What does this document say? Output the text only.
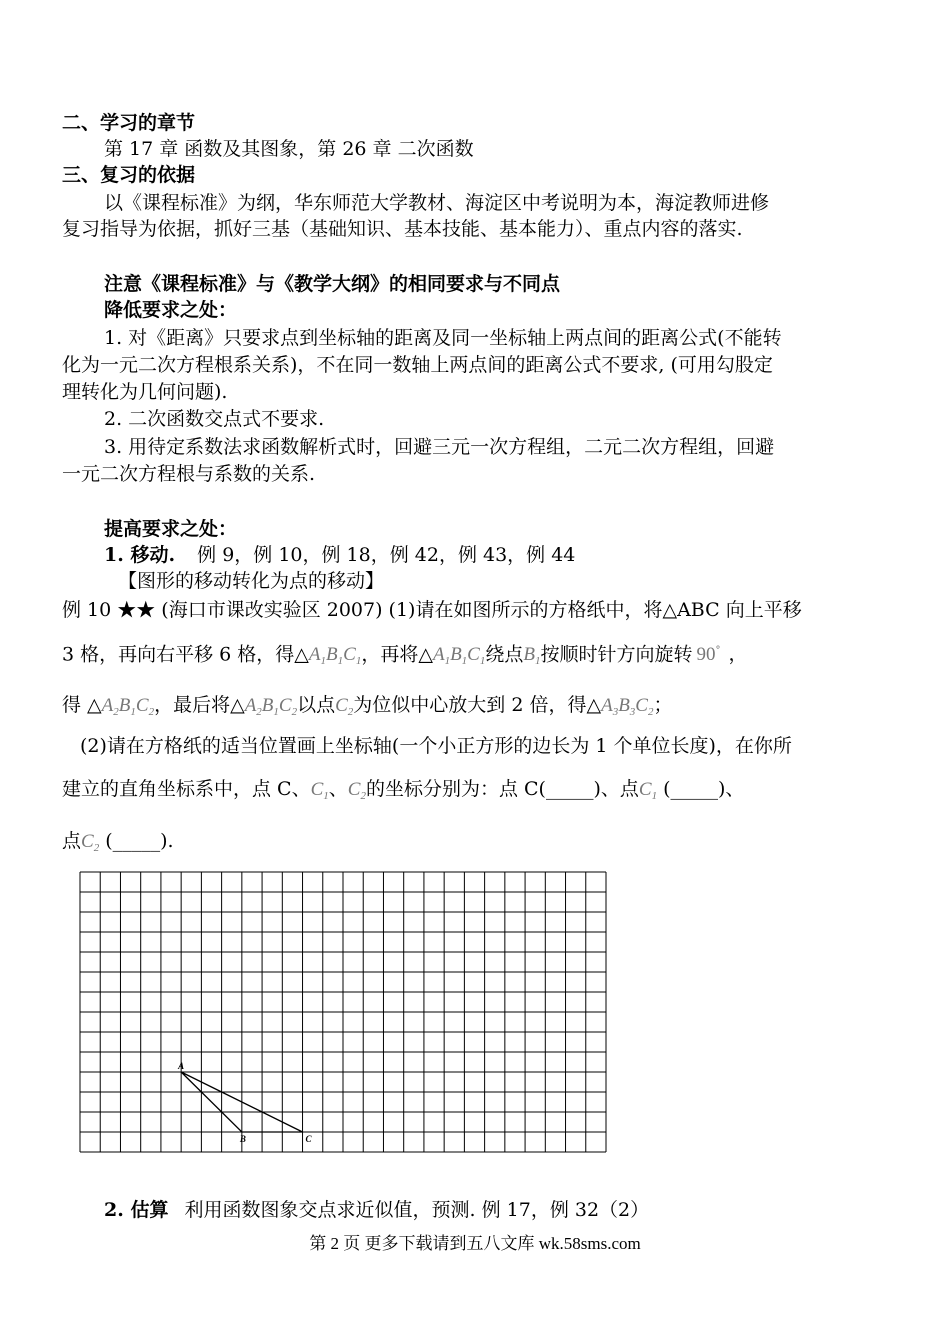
二、学习的章节
第 17 章 函数及其图象，第 26 章 二次函数
三、复习的依据
以《课程标准》为纲，华东师范大学教材、海淀区中考说明为本，海淀教师进修
复习指导为依据，抓好三基（基础知识、基本技能、基本能力）、重点内容的落实.
注意《课程标准》与《教学大纲》的相同要求与不同点
降低要求之处：
1. 对《距离》只要求点到坐标轴的距离及同一坐标轴上两点间的距离公式(不能转
化为一元二次方程根系关系)，不在同一数轴上两点间的距离公式不要求, (可用勾股定
理转化为几何问题).
2. 二次函数交点式不要求.
3. 用待定系数法求函数解析式时，回避三元一次方程组，二元二次方程组，回避
一元二次方程根与系数的关系.
提高要求之处：
1. 移动. 例 9，例 10，例 18，例 42，例 43，例 44
【图形的移动转化为点的移动】
例 10 ★★ (海口市课改实验区 2007) (1)请在如图所示的方格纸中，将△ABC 向上平移
3 格，再向右平移 6 格，得$\triangle A_1B_1C_1$，再将$\triangle A_1B_1C_1$绕点$B_1$按顺时针方向旋转 90° ，
得 $\triangle A_2B_1C_2$，最后将$\triangle A_2B_1C_2$以点$C_2$为位似中心放大到 2 倍，得$\triangle A_3B_3C_2$；
(2)请在方格纸的适当位置画上坐标轴(一个小正方形的边长为 1 个单位长度)，在你所
建立的直角坐标系中，点 C、$C_1$、$C_2$的坐标分别为：点 C(_____)、点$C_1$ (_____)、
点$C_2$ (_____).
A
B	C
2. 估算 利用函数图象交点求近似值，预测. 例 17，例 32（2）
第 2 页 更多下载请到五八文库 wk.58sms.com
